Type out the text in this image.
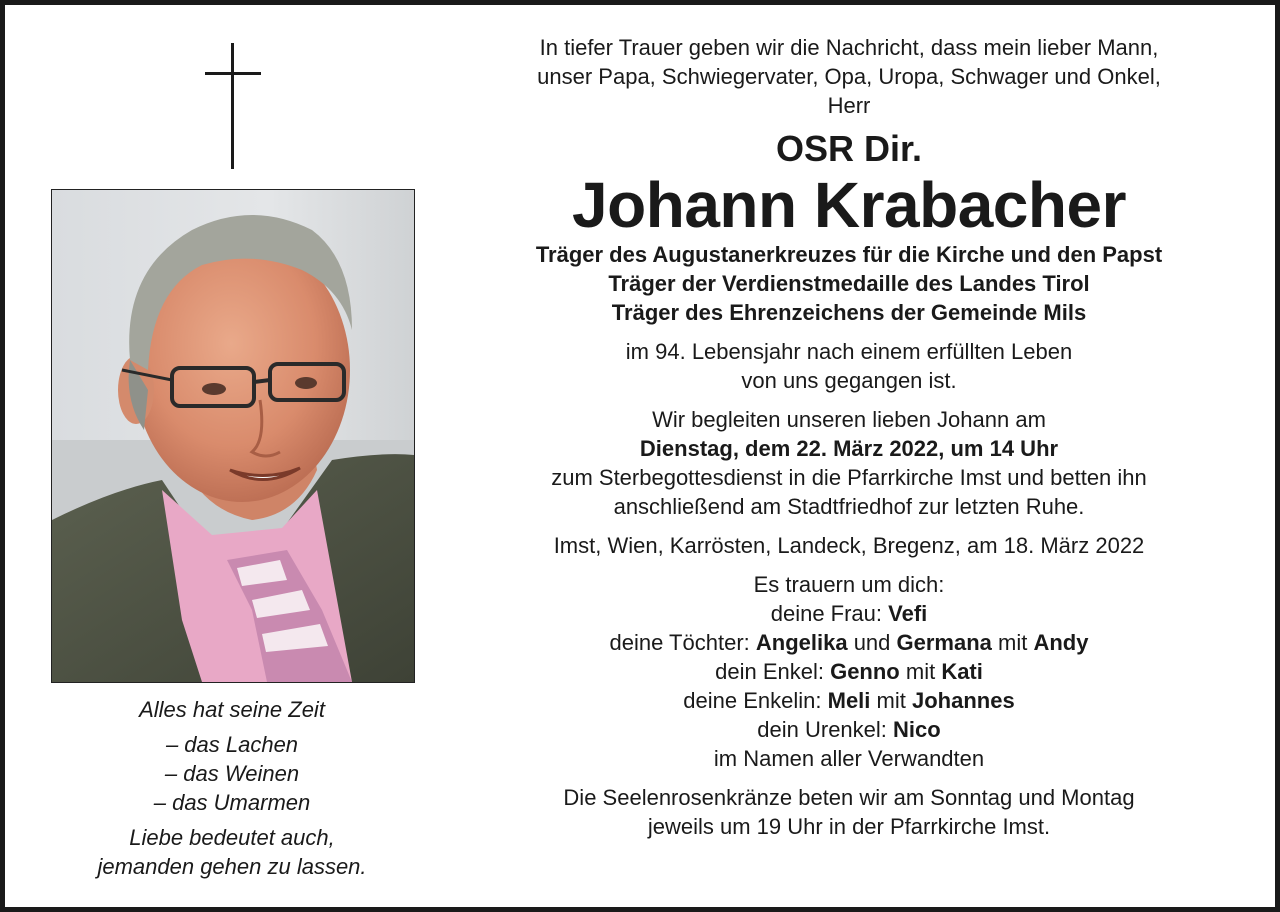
Alles hat seine Zeit
– das Lachen
– das Weinen
– das Umarmen
Liebe bedeutet auch,
jemanden gehen zu lassen.
In tiefer Trauer geben wir die Nachricht, dass mein lieber Mann,
unser Papa, Schwiegervater, Opa, Uropa, Schwager und Onkel,
Herr
OSR Dir.
Johann Krabacher
Träger des Augustanerkreuzes für die Kirche und den Papst
Träger der Verdienstmedaille des Landes Tirol
Träger des Ehrenzeichens der Gemeinde Mils
im 94. Lebensjahr nach einem erfüllten Leben
von uns gegangen ist.
Wir begleiten unseren lieben Johann am
Dienstag, dem 22. März 2022, um 14 Uhr
zum Sterbegottesdienst in die Pfarrkirche Imst und betten ihn
anschließend am Stadtfriedhof zur letzten Ruhe.
Imst, Wien, Karrösten, Landeck, Bregenz, am 18. März 2022
Es trauern um dich:
deine Frau: Vefi
deine Töchter: Angelika und Germana mit Andy
dein Enkel: Genno mit Kati
deine Enkelin: Meli mit Johannes
dein Urenkel: Nico
im Namen aller Verwandten
Die Seelenrosenkränze beten wir am Sonntag und Montag
jeweils um 19 Uhr in der Pfarrkirche Imst.
